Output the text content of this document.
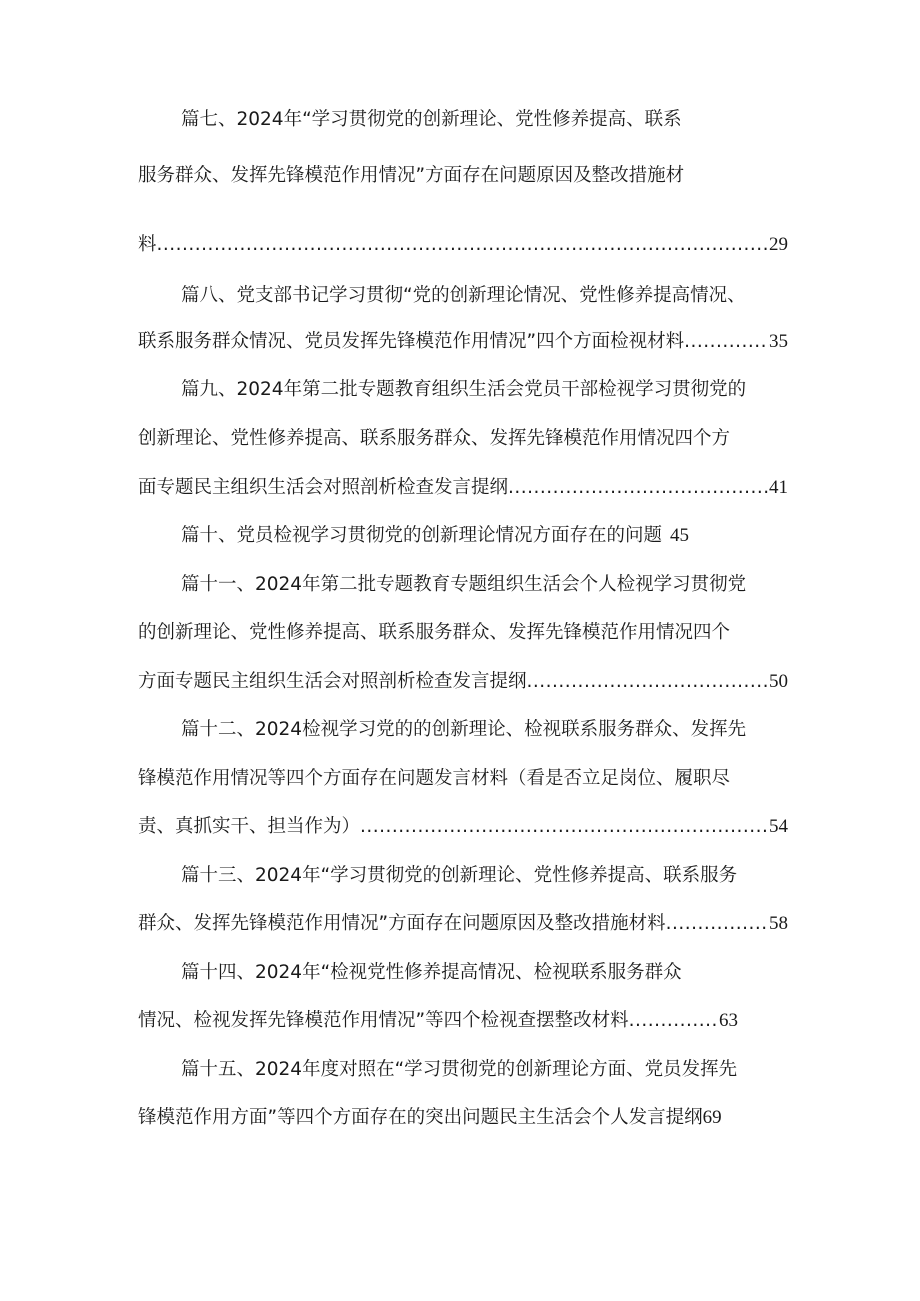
篇七、2024年“学习贯彻党的创新理论、党性修养提高、联系
服务群众、发挥先锋模范作用情况”方面存在问题原因及整改措施材
料 .....	29
篇八、党支部书记学习贯彻“党的创新理论情况、党性修养提高情况、
联系服务群众情况、党员发挥先锋模范作用情况”四个方面检视材料 .....	35
篇九、2024年第二批专题教育组织生活会党员干部检视学习贯彻党的
创新理论、党性修养提高、联系服务群众、发挥先锋模范作用情况四个方
面专题民主组织生活会对照剖析检查发言提纲 .....	41
篇十、党员检视学习贯彻党的创新理论情况方面存在的问题 45
篇十一、2024年第二批专题教育专题组织生活会个人检视学习贯彻党
的创新理论、党性修养提高、联系服务群众、发挥先锋模范作用情况四个
方面专题民主组织生活会对照剖析检查发言提纲 .....	50
篇十二、2024检视学习党的的创新理论、检视联系服务群众、发挥先
锋模范作用情况等四个方面存在问题发言材料（看是否立足岗位、履职尽
责、真抓实干、担当作为） .....	54
篇十三、2024年“学习贯彻党的创新理论、党性修养提高、联系服务
群众、发挥先锋模范作用情况”方面存在问题原因及整改措施材料 .....	58
篇十四、2024年“检视党性修养提高情况、检视联系服务群众
情况、检视发挥先锋模范作用情况”等四个检视查摆整改材料 .....	63
篇十五、2024年度对照在“学习贯彻党的创新理论方面、党员发挥先
锋模范作用方面”等四个方面存在的突出问题民主生活会个人发言提纲 69
